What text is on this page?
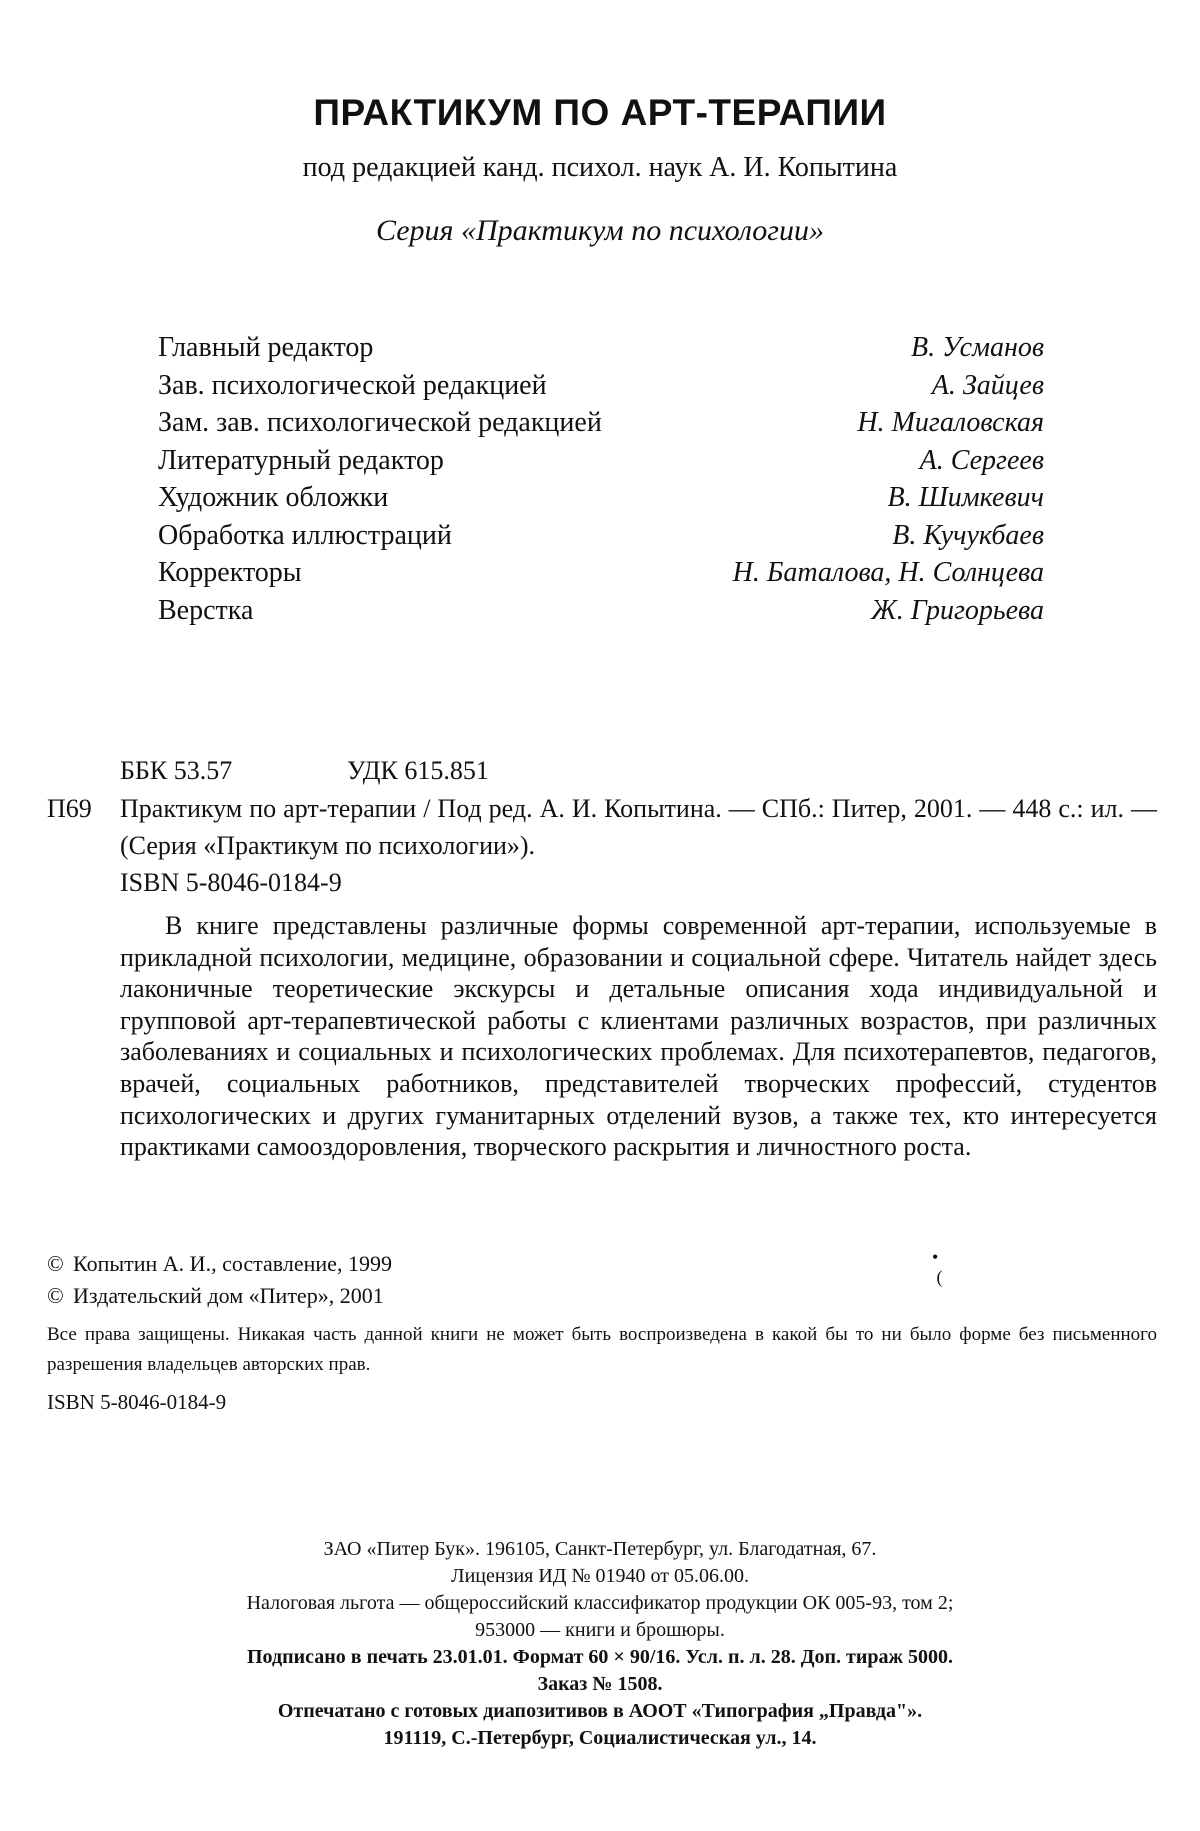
ПРАКТИКУМ ПО АРТ-ТЕРАПИИ
под редакцией канд. психол. наук А. И. Копытина
Серия «Практикум по психологии»
Главный редактор	В. Усманов
Зав. психологической редакцией	А. Зайцев
Зам. зав. психологической редакцией	Н. Мигаловская
Литературный редактор	А. Сергеев
Художник обложки	В. Шимкевич
Обработка иллюстраций	В. Кучукбаев
Корректоры	Н. Баталова, Н. Солнцева
Верстка	Ж. Григорьева
ББК 53.57	УДК 615.851
П69	Практикум по арт-терапии / Под ред. А. И. Копытина. — СПб.: Питер, 2001. — 448 с.: ил. — (Серия «Практикум по психологии»).
ISBN 5-8046-0184-9
В книге представлены различные формы современной арт-терапии, используемые в прикладной психологии, медицине, образовании и социальной сфере. Читатель найдет здесь лаконичные теоретические экскурсы и детальные описания хода индивидуальной и групповой арт-терапевтической работы с клиентами различных возрастов, при различных заболеваниях и социальных и психологических проблемах. Для психотерапевтов, педагогов, врачей, социальных работников, представителей творческих профессий, студентов психологических и других гуманитарных отделений вузов, а также тех, кто интересуется практиками самооздоровления, творческого раскрытия и личностного роста.
© Копытин А. И., составление, 1999
© Издательский дом «Питер», 2001
•
(
Все права защищены. Никакая часть данной книги не может быть воспроизведена в какой бы то ни было форме без письменного разрешения владельцев авторских прав.
ISBN 5-8046-0184-9
ЗАО «Питер Бук». 196105, Санкт-Петербург, ул. Благодатная, 67.
Лицензия ИД № 01940 от 05.06.00.
Налоговая льгота — общероссийский классификатор продукции ОК 005-93, том 2;
953000 — книги и брошюры.
Подписано в печать 23.01.01. Формат 60 × 90/16. Усл. п. л. 28. Доп. тираж 5000.
Заказ № 1508.
Отпечатано с готовых диапозитивов в АООТ «Типография „Правда"».
191119, С.-Петербург, Социалистическая ул., 14.
